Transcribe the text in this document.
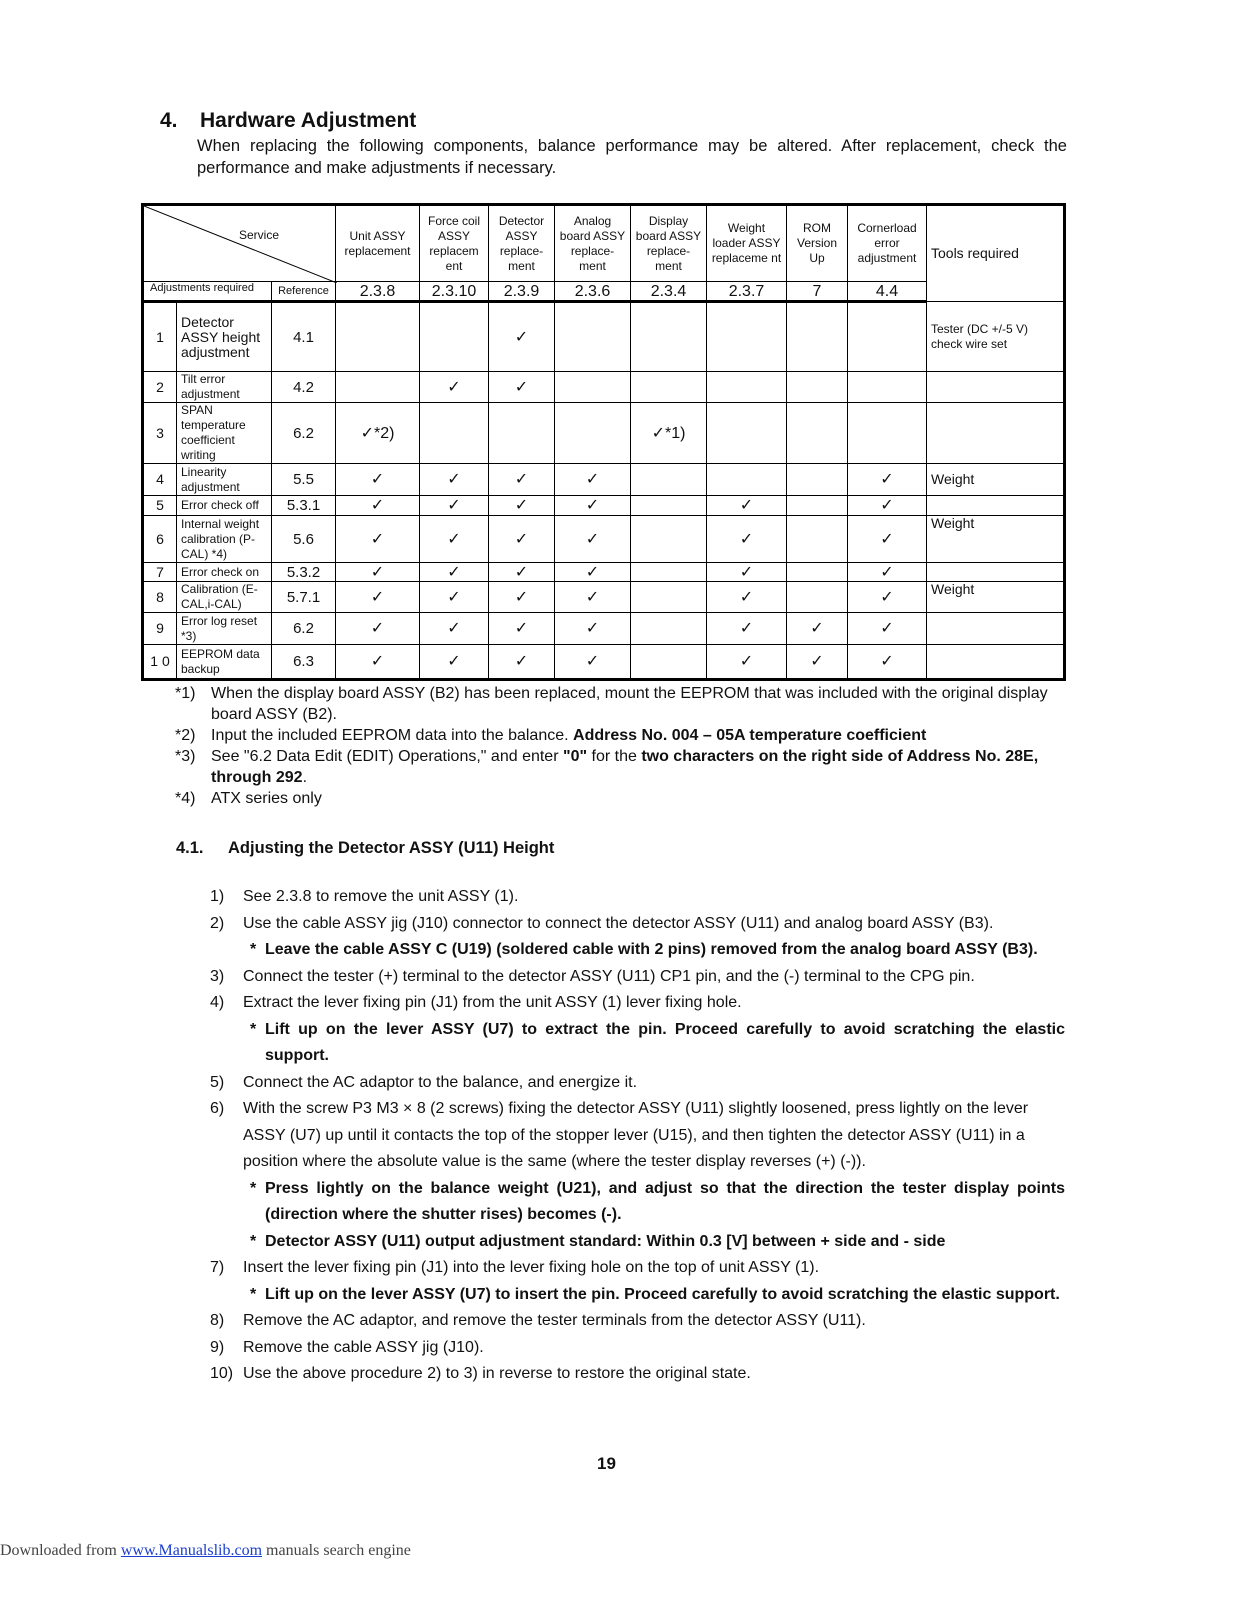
4. Hardware Adjustment
When replacing the following components, balance performance may be altered. After replacement, check the performance and make adjustments if necessary.
Service			Unit ASSY replacement	Force coil ASSY replacem ent	Detector ASSY replace-ment	Analog board ASSY replace-ment	Display board ASSY replace-ment	Weight loader ASSY replaceme nt	ROM Version Up	Cornerload error adjustment	Tools required

Adjustments required		Reference	2.3.8	2.3.10	2.3.9	2.3.6	2.3.4	2.3.7	7	4.4	
1	Detector ASSY height adjustment	4.1			✓						Tester (DC +/-5 V) check wire set
2	Tilt error adjustment	4.2		✓	✓						
3	SPAN temperature coefficient writing	6.2	✓*2)				✓*1)				
4	Linearity adjustment	5.5	✓	✓	✓	✓				✓	Weight
5	Error check off	5.3.1	✓	✓	✓	✓		✓		✓	
6	Internal weight calibration (P-CAL) *4)	5.6	✓	✓	✓	✓		✓		✓	Weight
7	Error check on	5.3.2	✓	✓	✓	✓		✓		✓	
8	Calibration (E-CAL,i-CAL)	5.7.1	✓	✓	✓	✓		✓		✓	Weight
9	Error log reset *3)	6.2	✓	✓	✓	✓		✓	✓	✓	
1 0	EEPROM data backup	6.3	✓	✓	✓	✓		✓	✓	✓	
*1) When the display board ASSY (B2) has been replaced, mount the EEPROM that was included with the original display board ASSY (B2).
*2) Input the included EEPROM data into the balance. Address No. 004 – 05A temperature coefficient
*3) See "6.2 Data Edit (EDIT) Operations," and enter "0" for the two characters on the right side of Address No. 28E, through 292.
*4) ATX series only
4.1. Adjusting the Detector ASSY (U11) Height
1)	See 2.3.8 to remove the unit ASSY (1).
2)	Use the cable ASSY jig (J10) connector to connect the detector ASSY (U11) and analog board ASSY (B3).
* Leave the cable ASSY C (U19) (soldered cable with 2 pins) removed from the analog board ASSY (B3).
3)	Connect the tester (+) terminal to the detector ASSY (U11) CP1 pin, and the (-) terminal to the CPG pin.
4)	Extract the lever fixing pin (J1) from the unit ASSY (1) lever fixing hole.
* Lift up on the lever ASSY (U7) to extract the pin. Proceed carefully to avoid scratching the elastic support.
5)	Connect the AC adaptor to the balance, and energize it.
6)	With the screw P3 M3 × 8 (2 screws) fixing the detector ASSY (U11) slightly loosened, press lightly on the lever ASSY (U7) up until it contacts the top of the stopper lever (U15), and then tighten the detector ASSY (U11) in a position where the absolute value is the same (where the tester display reverses (+) (-)).
* Press lightly on the balance weight (U21), and adjust so that the direction the tester display points (direction where the shutter rises) becomes (-).
* Detector ASSY (U11) output adjustment standard: Within 0.3 [V] between + side and - side
7)	Insert the lever fixing pin (J1) into the lever fixing hole on the top of unit ASSY (1).
* Lift up on the lever ASSY (U7) to insert the pin. Proceed carefully to avoid scratching the elastic support.
8)	Remove the AC adaptor, and remove the tester terminals from the detector ASSY (U11).
9)	Remove the cable ASSY jig (J10).
10) Use the above procedure 2) to 3) in reverse to restore the original state.
19
Downloaded from www.Manualslib.com manuals search engine
